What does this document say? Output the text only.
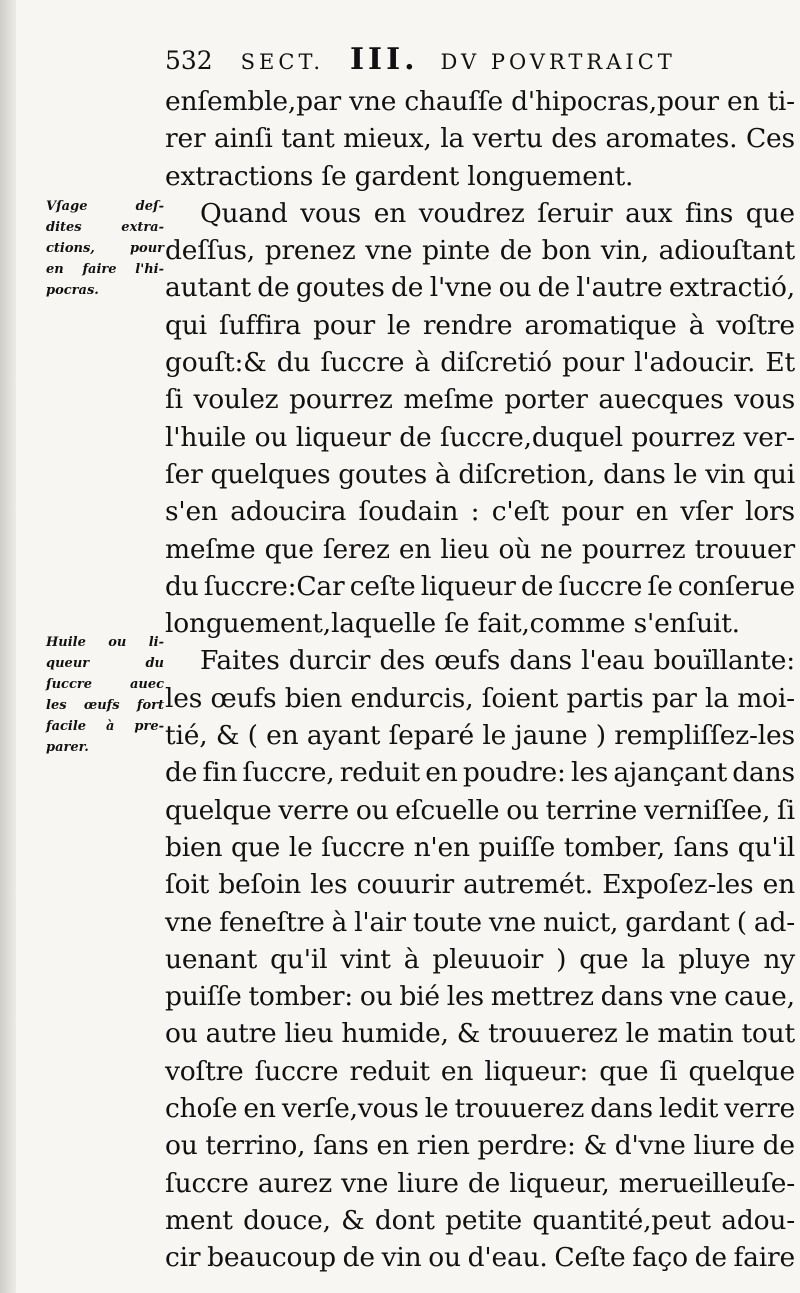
532 SECT. III. DV POVRTRAICT
Vſage	deſ-
dites	extra-
ctions,	pour
en faire l'hi-
pocras.
Huile ou li-
queur	du
ſuccre	auec
les œufs fort
facile à pre-
parer.
enſemble,par vne chauſſe d'hipocras,pour en ti-
rer ainſi tant mieux, la vertu des aromates. Ces
extractions ſe gardent longuement.
Quand vous en voudrez ſeruir aux fins que
deſſus, prenez vne pinte de bon vin, adiouſtant
autant de goutes de l'vne ou de l'autre extractió,
qui ſuffira pour le rendre aromatique à voſtre
gouſt:& du ſuccre à diſcretió pour l'adoucir. Et
ſi voulez pourrez meſme porter auecques vous
l'huile ou liqueur de ſuccre,duquel pourrez ver-
ſer quelques goutes à diſcretion, dans le vin qui
s'en adoucira ſoudain : c'eſt pour en vſer lors
meſme que ſerez en lieu où ne pourrez trouuer
du ſuccre:Car ceſte liqueur de ſuccre ſe conſerue
longuement,laquelle ſe fait,comme s'enſuit.
Faites durcir des œufs dans l'eau bouïllante:
les œufs bien endurcis, ſoient partis par la moi-
tié, & ( en ayant ſeparé le jaune ) rempliſſez-les
de fin ſuccre, reduit en poudre: les ajançant dans
quelque verre ou eſcuelle ou terrine verniſſee, ſi
bien que le ſuccre n'en puiſſe tomber, ſans qu'il
ſoit beſoin les couurir autremét. Expoſez-les en
vne feneſtre à l'air toute vne nuict, gardant ( ad-
uenant qu'il vint à pleuuoir ) que la pluye ny
puiſſe tomber: ou bié les mettrez dans vne caue,
ou autre lieu humide, & trouuerez le matin tout
voſtre ſuccre reduit en liqueur: que ſi quelque
choſe en verſe,vous le trouuerez dans ledit verre
ou terrino, ſans en rien perdre: & d'vne liure de
ſuccre aurez vne liure de liqueur, merueilleuſe-
ment douce, & dont petite quantité,peut adou-
cir beaucoup de vin ou d'eau. Ceſte faço de faire
